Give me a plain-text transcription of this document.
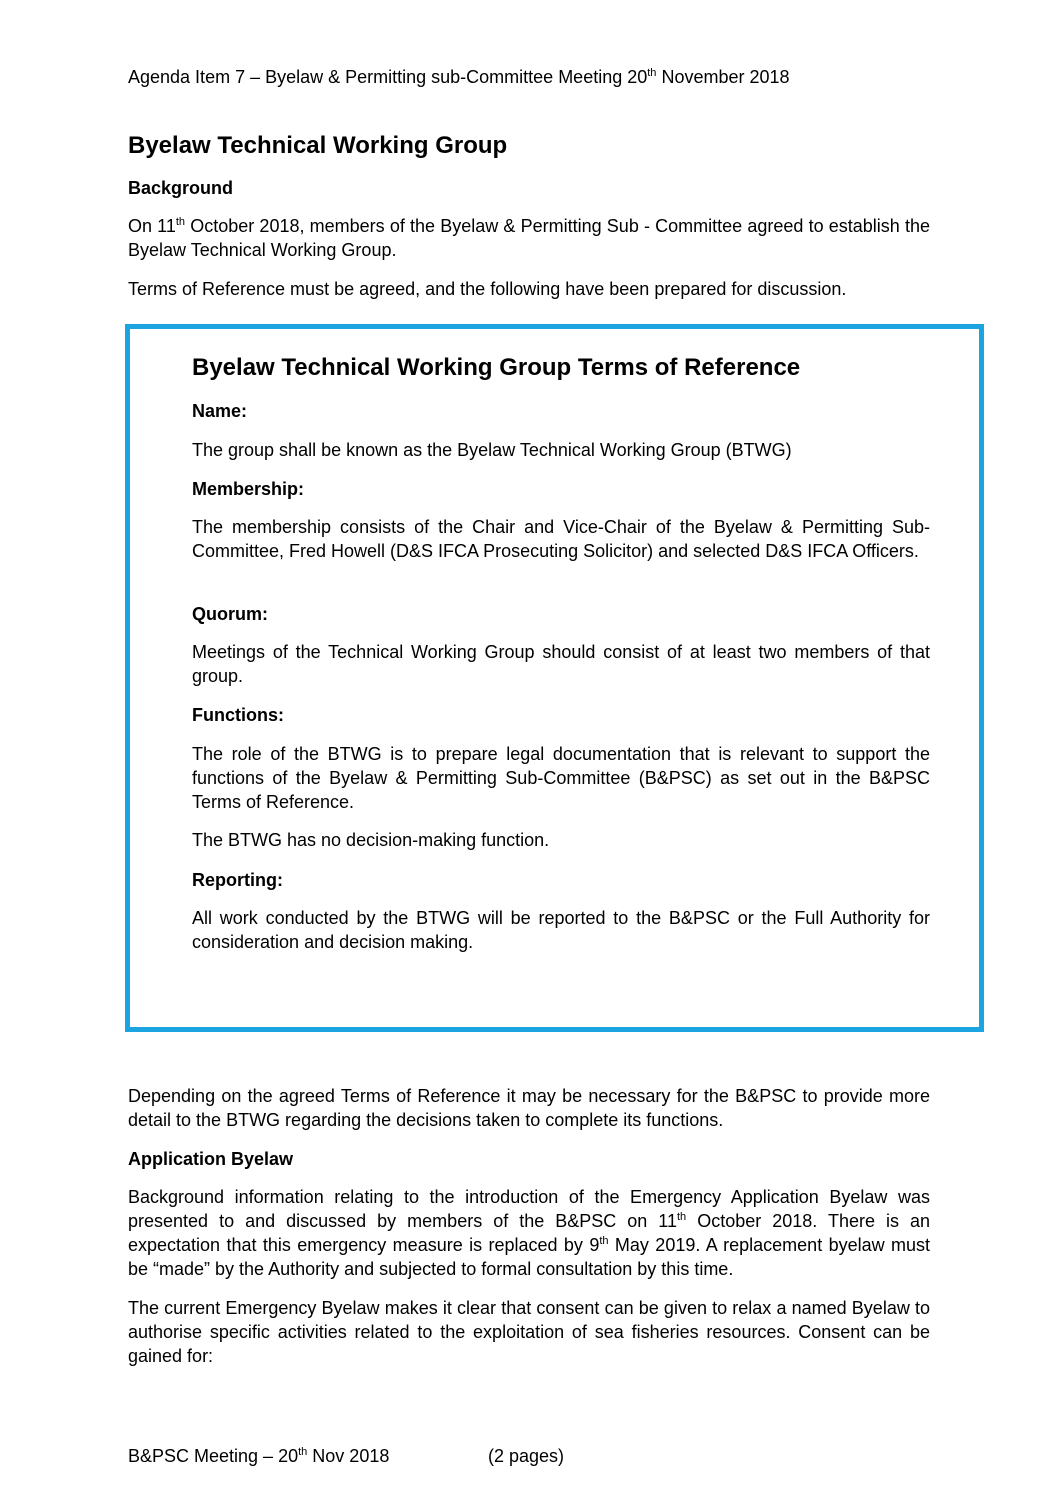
Agenda Item 7 – Byelaw & Permitting sub-Committee Meeting 20th November 2018
Byelaw Technical Working Group
Background

On 11th October 2018, members of the Byelaw & Permitting Sub - Committee agreed to establish the Byelaw Technical Working Group.

Terms of Reference must be agreed, and the following have been prepared for discussion.

Byelaw Technical Working Group Terms of Reference
Name:

The group shall be known as the Byelaw Technical Working Group (BTWG)

Membership:

The membership consists of the Chair and Vice-Chair of the Byelaw & Permitting Sub-Committee, Fred Howell (D&S IFCA Prosecuting Solicitor) and selected D&S IFCA Officers.

Quorum:

Meetings of the Technical Working Group should consist of at least two members of that group.

Functions:

The role of the BTWG is to prepare legal documentation that is relevant to support the functions of the Byelaw & Permitting Sub-Committee (B&PSC) as set out in the B&PSC Terms of Reference.

The BTWG has no decision-making function.

Reporting:

All work conducted by the BTWG will be reported to the B&PSC or the Full Authority for consideration and decision making.

Depending on the agreed Terms of Reference it may be necessary for the B&PSC to provide more detail to the BTWG regarding the decisions taken to complete its functions.

Application Byelaw

Background information relating to the introduction of the Emergency Application Byelaw was presented to and discussed by members of the B&PSC on 11th October 2018. There is an expectation that this emergency measure is replaced by 9th May 2019. A replacement byelaw must be “made” by the Authority and subjected to formal consultation by this time.

The current Emergency Byelaw makes it clear that consent can be given to relax a named Byelaw to authorise specific activities related to the exploitation of sea fisheries resources. Consent can be gained for:

B&PSC Meeting – 20th Nov 2018	(2 pages)
